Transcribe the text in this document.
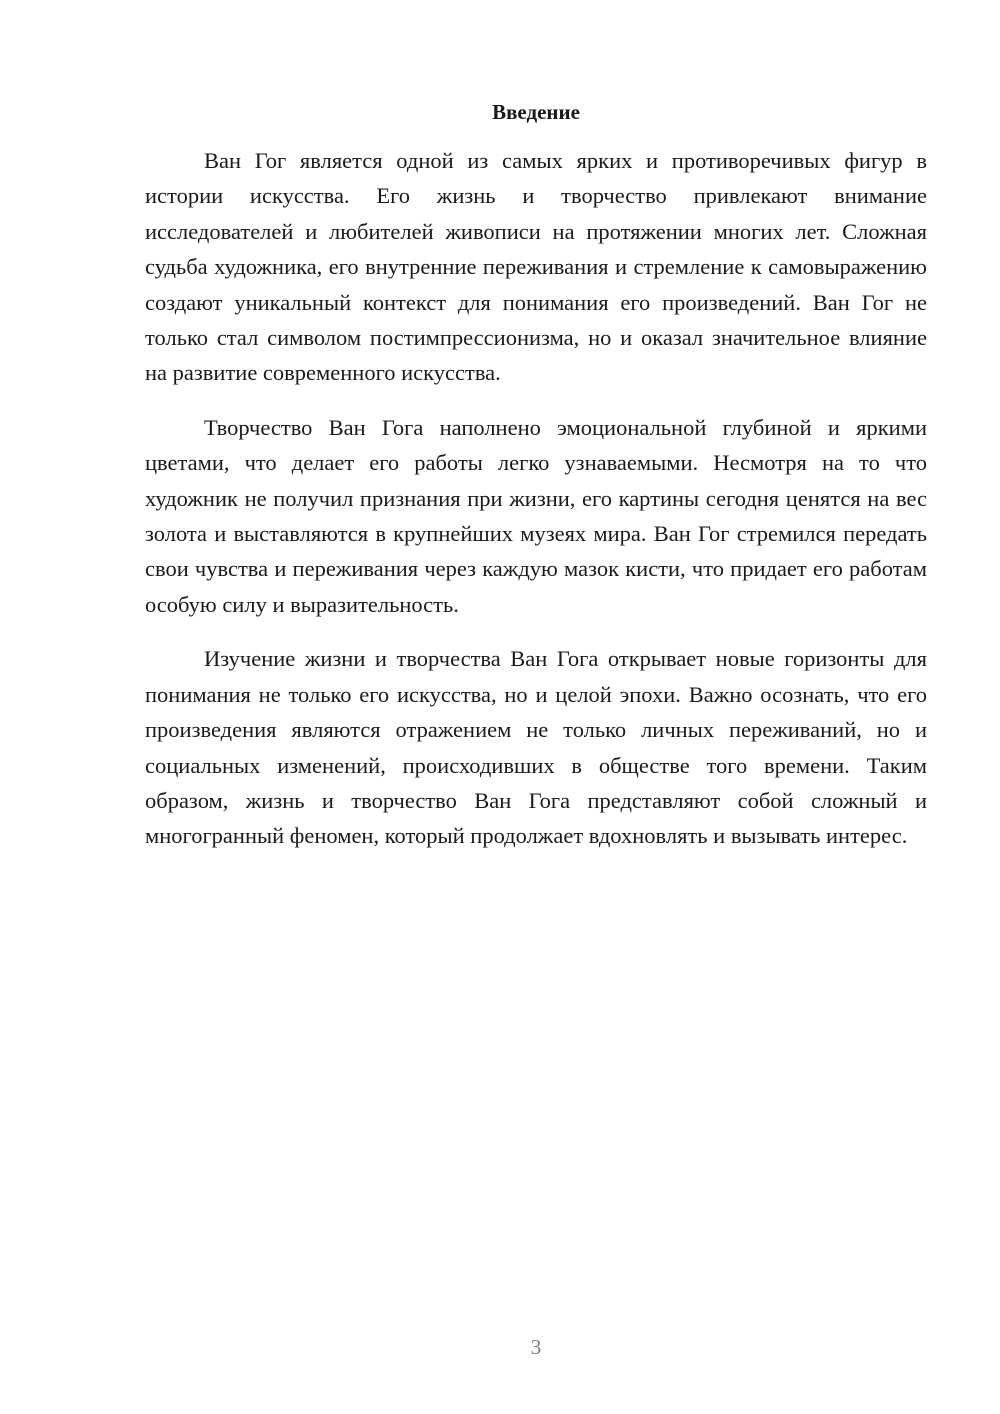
Введение

Ван Гог является одной из самых ярких и противоречивых фигур в истории искусства. Его жизнь и творчество привлекают внимание исследователей и любителей живописи на протяжении многих лет. Сложная судьба художника, его внутренние переживания и стремление к самовыражению создают уникальный контекст для понимания его произведений. Ван Гог не только стал символом постимпрессионизма, но и оказал значительное влияние на развитие современного искусства.

Творчество Ван Гога наполнено эмоциональной глубиной и яркими цветами, что делает его работы легко узнаваемыми. Несмотря на то что художник не получил признания при жизни, его картины сегодня ценятся на вес золота и выставляются в крупнейших музеях мира. Ван Гог стремился передать свои чувства и переживания через каждую мазок кисти, что придает его работам особую силу и выразительность.

Изучение жизни и творчества Ван Гога открывает новые горизонты для понимания не только его искусства, но и целой эпохи. Важно осознать, что его произведения являются отражением не только личных переживаний, но и социальных изменений, происходивших в обществе того времени. Таким образом, жизнь и творчество Ван Гога представляют собой сложный и многогранный феномен, который продолжает вдохновлять и вызывать интерес.

3
